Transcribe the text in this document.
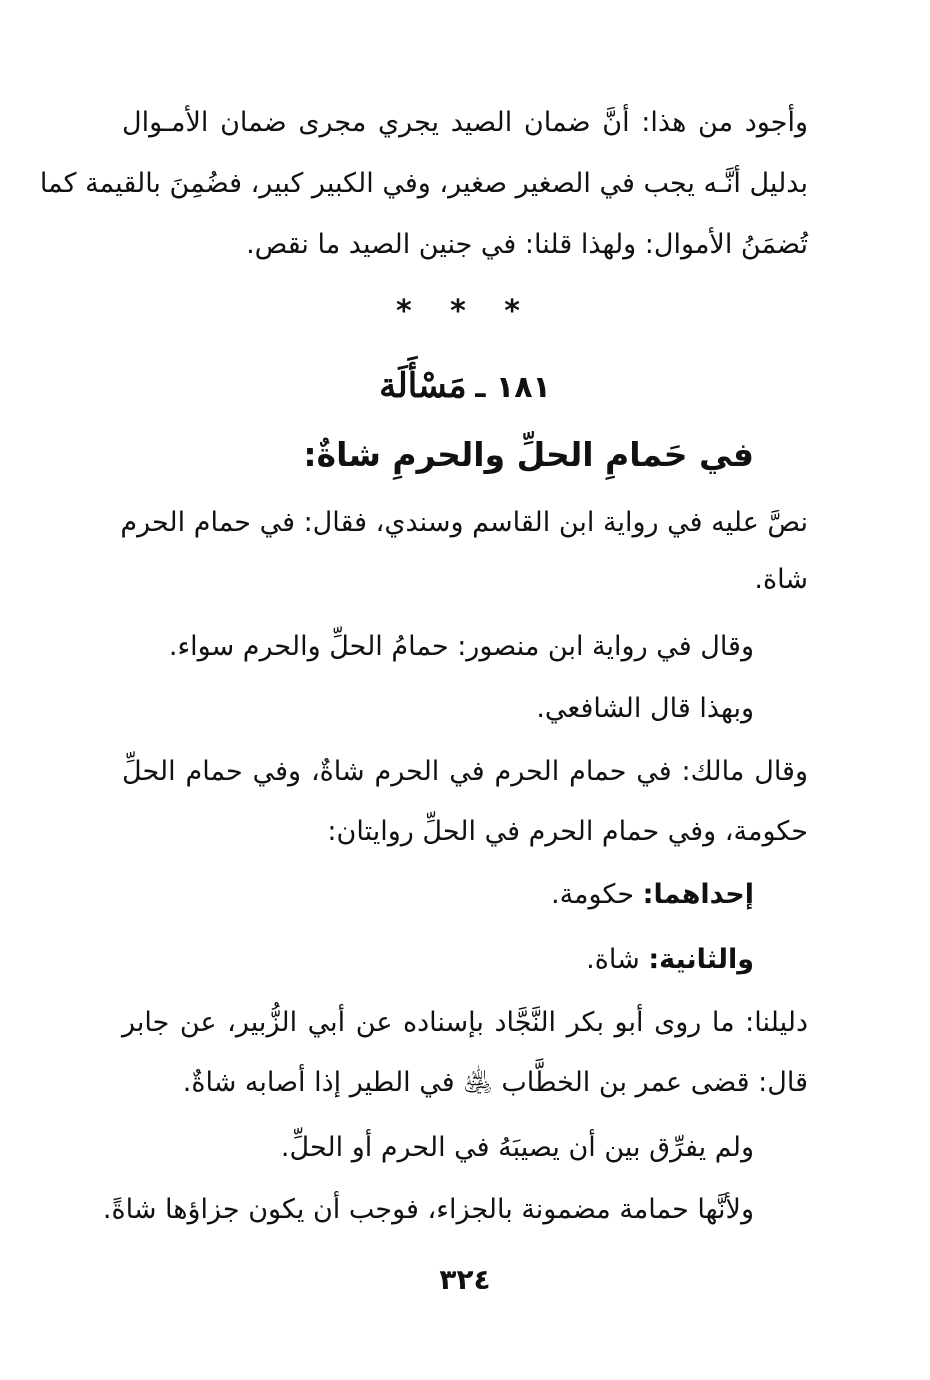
وأجود من هذا: أنَّ ضمان الصيد يجري مجرى ضمان الأمـوال
بدليل أنَّـه يجب في الصغير صغير، وفي الكبير كبير، فضُمِنَ بالقيمة كما
تُضمَنُ الأموال: ولهذا قلنا: في جنين الصيد ما نقص.
* * *
١٨١ ـ مَسْأَلَة
في حَمامِ الحلِّ والحرمِ شاةٌ:
نصَّ عليه في رواية ابن القاسم وسندي، فقال: في حمام الحرم
شاة.
وقال في رواية ابن منصور: حمامُ الحلِّ والحرم سواء.
وبهذا قال الشافعي.
وقال مالك: في حمام الحرم في الحرم شاةٌ، وفي حمام الحلِّ
حكومة، وفي حمام الحرم في الحلِّ روايتان:
إحداهما: حكومة.
والثانية: شاة.
دليلنا: ما روى أبو بكر النَّجَّاد بإسناده عن أبي الزُّبير، عن جابر
قال: قضى عمر بن الخطَّاب ﵁ في الطير إذا أصابه شاةٌ.
ولم يفرِّق بين أن يصيبَهُ في الحرم أو الحلِّ.
ولأنَّها حمامة مضمونة بالجزاء، فوجب أن يكون جزاؤها شاةً.
٣٢٤
